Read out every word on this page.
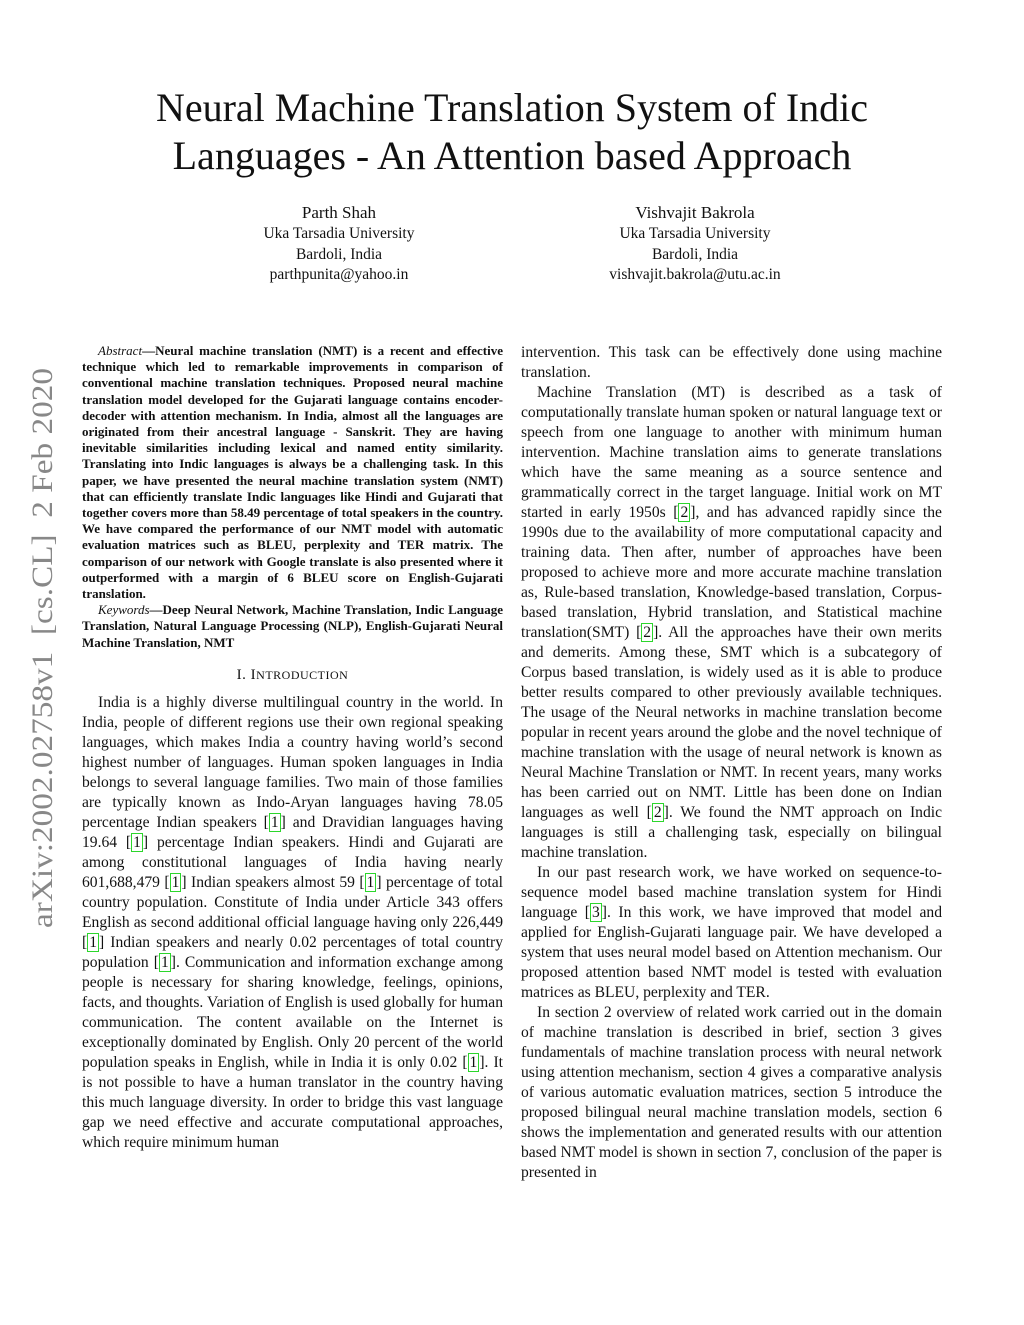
arXiv:2002.02758v1  [cs.CL]  2 Feb 2020
Neural Machine Translation System of Indic
Languages - An Attention based Approach
Parth Shah
Uka Tarsadia University
Bardoli, India
parthpunita@yahoo.in
Vishvajit Bakrola
Uka Tarsadia University
Bardoli, India
vishvajit.bakrola@utu.ac.in

Abstract—Neural machine translation (NMT) is a recent and effective technique which led to remarkable improvements in comparison of conventional machine translation techniques. Proposed neural machine translation model developed for the Gujarati language contains encoder-decoder with attention mechanism. In India, almost all the languages are originated from their ancestral language - Sanskrit. They are having inevitable similarities including lexical and named entity similarity. Translating into Indic languages is always be a challenging task. In this paper, we have presented the neural machine translation system (NMT) that can efficiently translate Indic languages like Hindi and Gujarati that together covers more than 58.49 percentage of total speakers in the country. We have compared the performance of our NMT model with automatic evaluation matrices such as BLEU, perplexity and TER matrix. The comparison of our network with Google translate is also presented where it outperformed with a margin of 6 BLEU score on English-Gujarati translation.

Keywords—Deep Neural Network, Machine Translation, Indic Language Translation, Natural Language Processing (NLP), English-Gujarati Neural Machine Translation, NMT

I. INTRODUCTION

India is a highly diverse multilingual country in the world. In India, people of different regions use their own regional speaking languages, which makes India a country having world’s second highest number of languages. Human spoken languages in India belongs to several language families. Two main of those families are typically known as Indo-Aryan languages having 78.05 percentage Indian speakers [ 1 ] and Dravidian languages having 19.64 [ 1 ] percentage Indian speakers. Hindi and Gujarati are among constitutional languages of India having nearly 601,688,479 [ 1 ] Indian speakers almost 59 [ 1 ] percentage of total country population. Constitute of India under Article 343 offers English as second additional official language having only 226,449 [ 1 ] Indian speakers and nearly 0.02 percentages of total country population [ 1 ]. Communication and information exchange among people is necessary for sharing knowledge, feelings, opinions, facts, and thoughts. Variation of English is used globally for human communication. The content available on the Internet is exceptionally dominated by English. Only 20 percent of the world population speaks in English, while in India it is only 0.02 [ 1 ]. It is not possible to have a human translator in the country having this much language diversity. In order to bridge this vast language gap we need effective and accurate computational approaches, which require minimum human

intervention. This task can be effectively done using machine translation.

Machine Translation (MT) is described as a task of computationally translate human spoken or natural language text or speech from one language to another with minimum human intervention. Machine translation aims to generate translations which have the same meaning as a source sentence and grammatically correct in the target language. Initial work on MT started in early 1950s [ 2 ], and has advanced rapidly since the 1990s due to the availability of more computational capacity and training data. Then after, number of approaches have been proposed to achieve more and more accurate machine translation as, Rule-based translation, Knowledge-based translation, Corpus-based translation, Hybrid translation, and Statistical machine translation(SMT) [ 2 ]. All the approaches have their own merits and demerits. Among these, SMT which is a subcategory of Corpus based translation, is widely used as it is able to produce better results compared to other previously available techniques. The usage of the Neural networks in machine translation become popular in recent years around the globe and the novel technique of machine translation with the usage of neural network is known as Neural Machine Translation or NMT. In recent years, many works has been carried out on NMT. Little has been done on Indian languages as well [ 2 ]. We found the NMT approach on Indic languages is still a challenging task, especially on bilingual machine translation.

In our past research work, we have worked on sequence-to-sequence model based machine translation system for Hindi language [ 3 ]. In this work, we have improved that model and applied for English-Gujarati language pair. We have developed a system that uses neural model based on Attention mechanism. Our proposed attention based NMT model is tested with evaluation matrices as BLEU, perplexity and TER.

In section 2 overview of related work carried out in the domain of machine translation is described in brief, section 3 gives fundamentals of machine translation process with neural network using attention mechanism, section 4 gives a comparative analysis of various automatic evaluation matrices, section 5 introduce the proposed bilingual neural machine translation models, section 6 shows the implementation and generated results with our attention based NMT model is shown in section 7, conclusion of the paper is presented in
